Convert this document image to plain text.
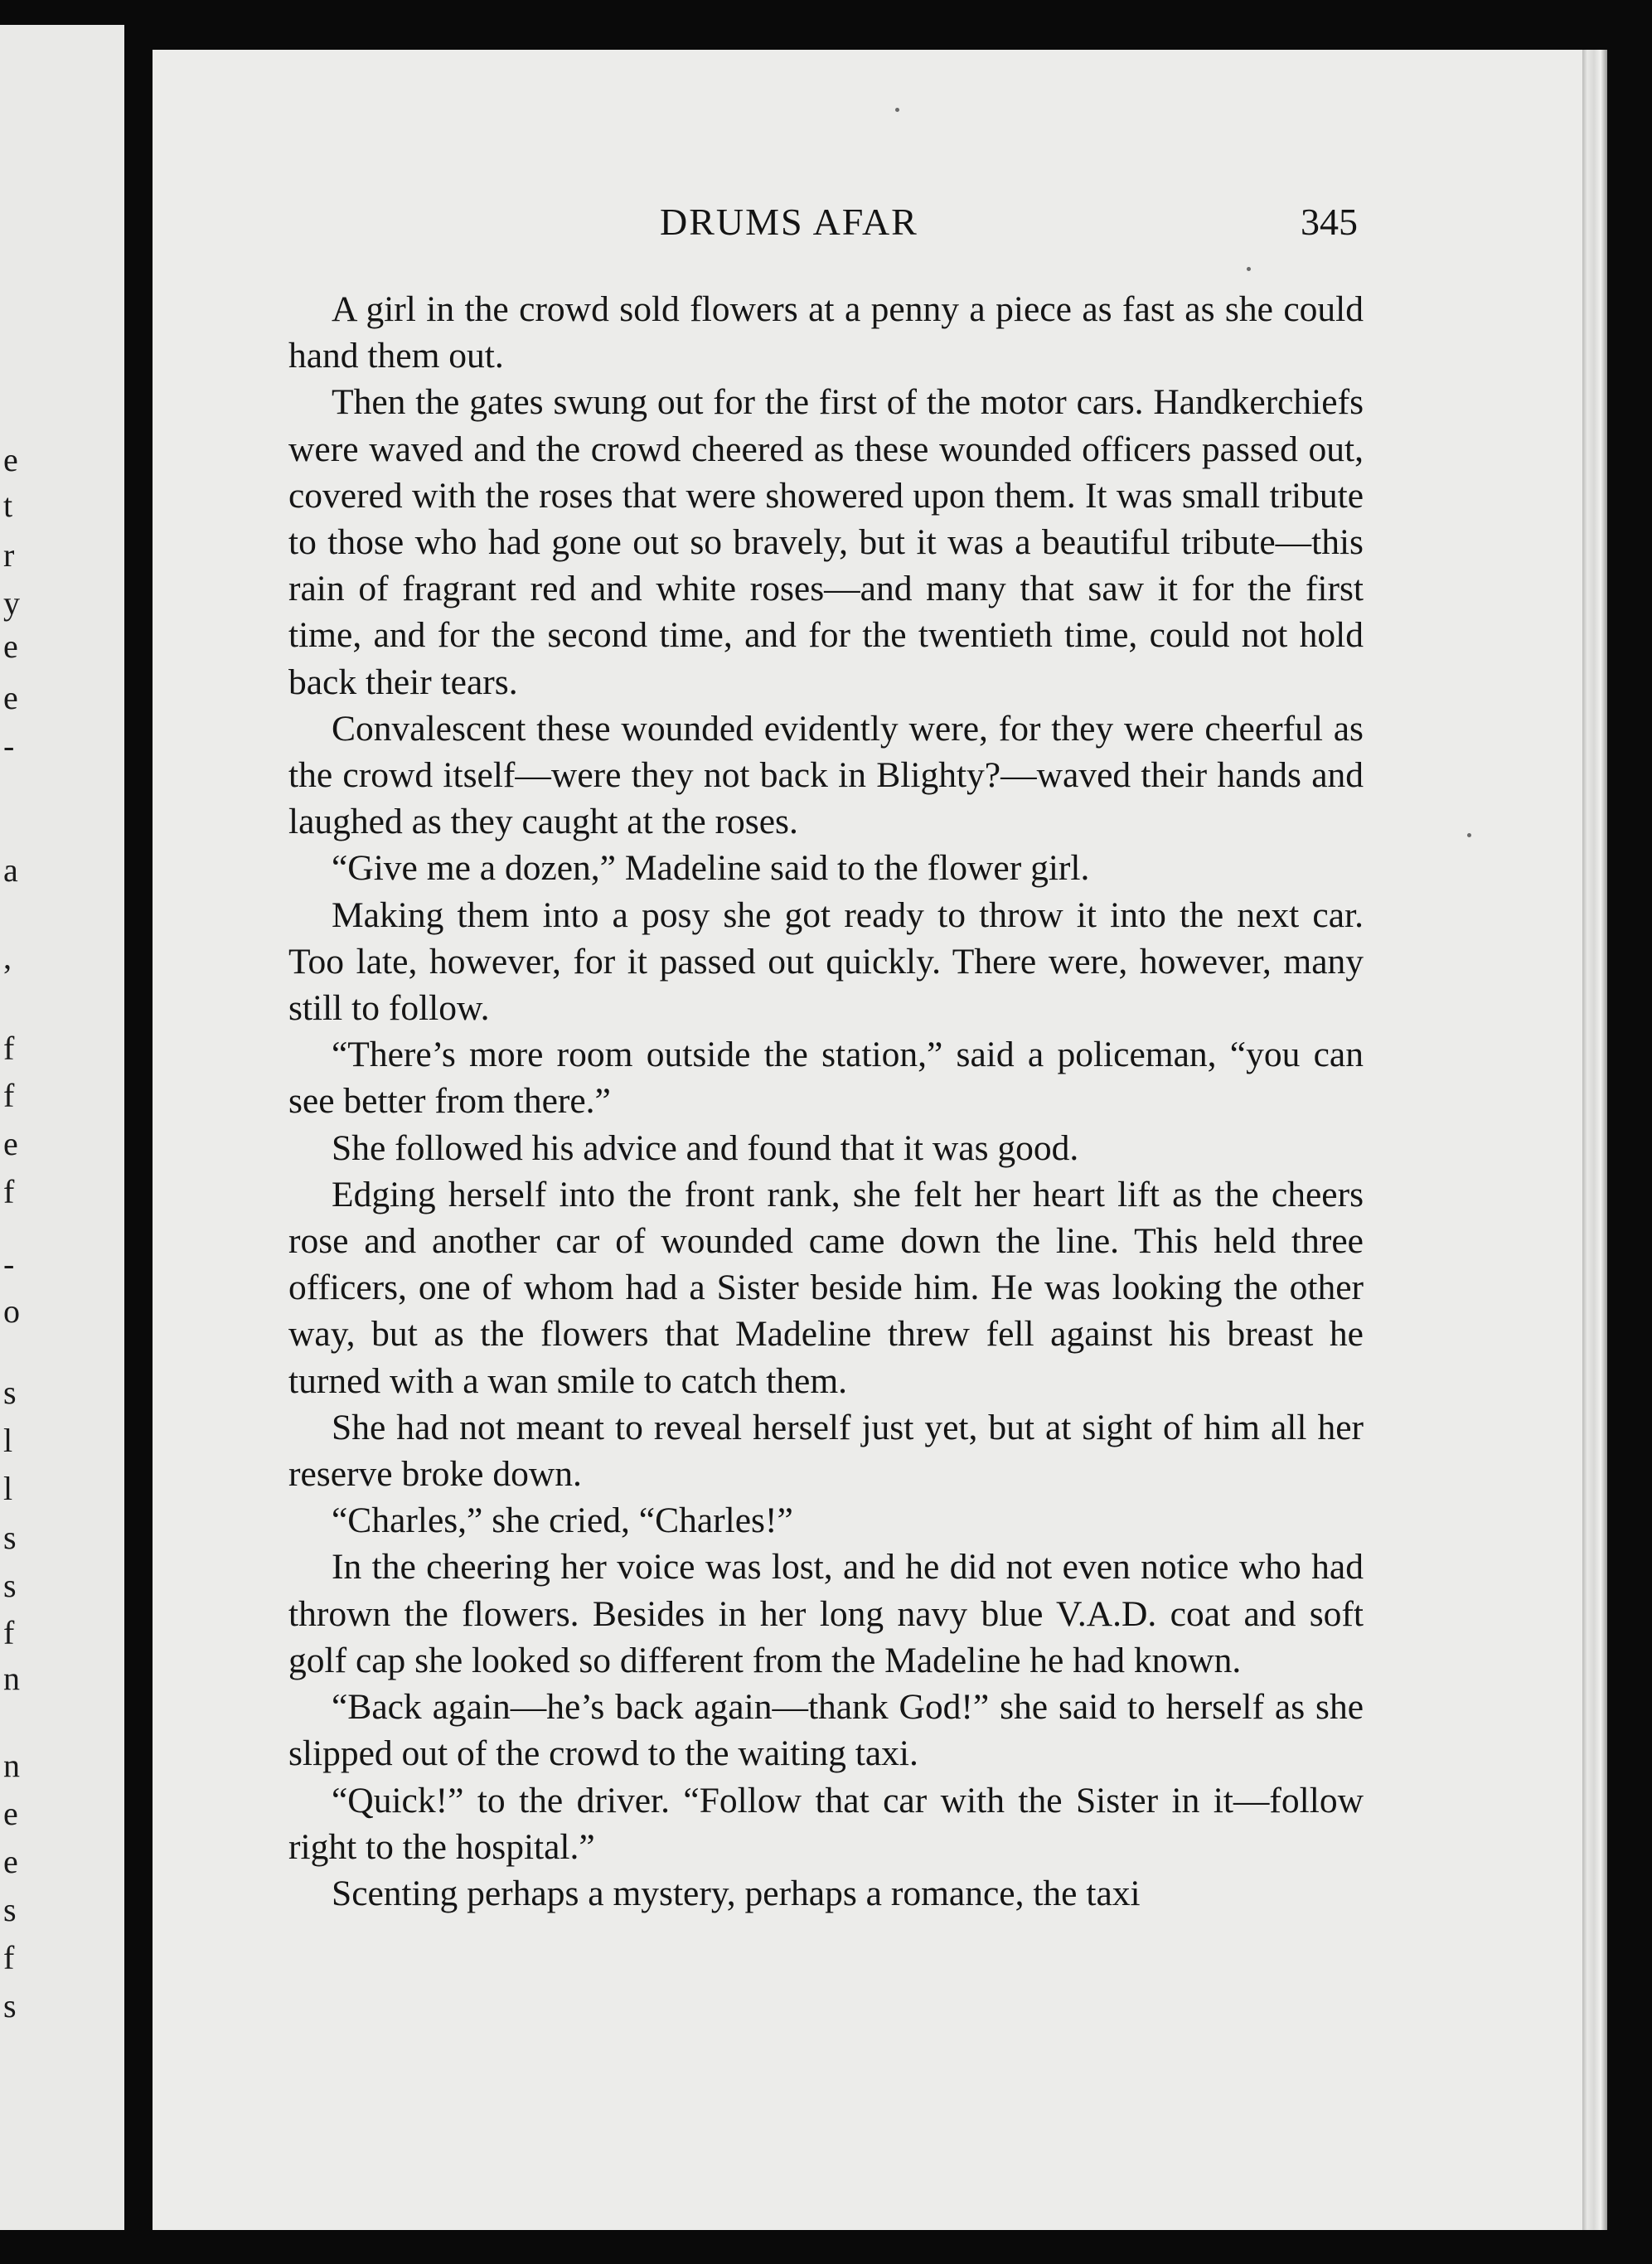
e
t
r
y
e
e
-
a
,
f
f
e
f
-
o
s
l
l
s
s
f
n
n
e
e
s
f
s
DRUMS AFAR	345

A girl in the crowd sold flowers at a penny a piece as fast as she could hand them out.

Then the gates swung out for the first of the motor cars. Handkerchiefs were waved and the crowd cheered as these wounded officers passed out, covered with the roses that were showered upon them. It was small tribute to those who had gone out so bravely, but it was a beautiful tribute—this rain of fragrant red and white roses—and many that saw it for the first time, and for the second time, and for the twentieth time, could not hold back their tears.

Convalescent these wounded evidently were, for they were cheerful as the crowd itself—were they not back in Blighty?—waved their hands and laughed as they caught at the roses.

“Give me a dozen,” Madeline said to the flower girl.

Making them into a posy she got ready to throw it into the next car. Too late, however, for it passed out quickly. There were, however, many still to follow.

“There’s more room outside the station,” said a policeman, “you can see better from there.”

She followed his advice and found that it was good.

Edging herself into the front rank, she felt her heart lift as the cheers rose and another car of wounded came down the line. This held three officers, one of whom had a Sister beside him. He was looking the other way, but as the flowers that Madeline threw fell against his breast he turned with a wan smile to catch them.

She had not meant to reveal herself just yet, but at sight of him all her reserve broke down.

“Charles,” she cried, “Charles!”

In the cheering her voice was lost, and he did not even notice who had thrown the flowers. Besides in her long navy blue V.A.D. coat and soft golf cap she looked so different from the Madeline he had known.

“Back again—he’s back again—thank God!” she said to herself as she slipped out of the crowd to the waiting taxi.

“Quick!” to the driver. “Follow that car with the Sister in it—follow right to the hospital.”

Scenting perhaps a mystery, perhaps a romance, the taxi
